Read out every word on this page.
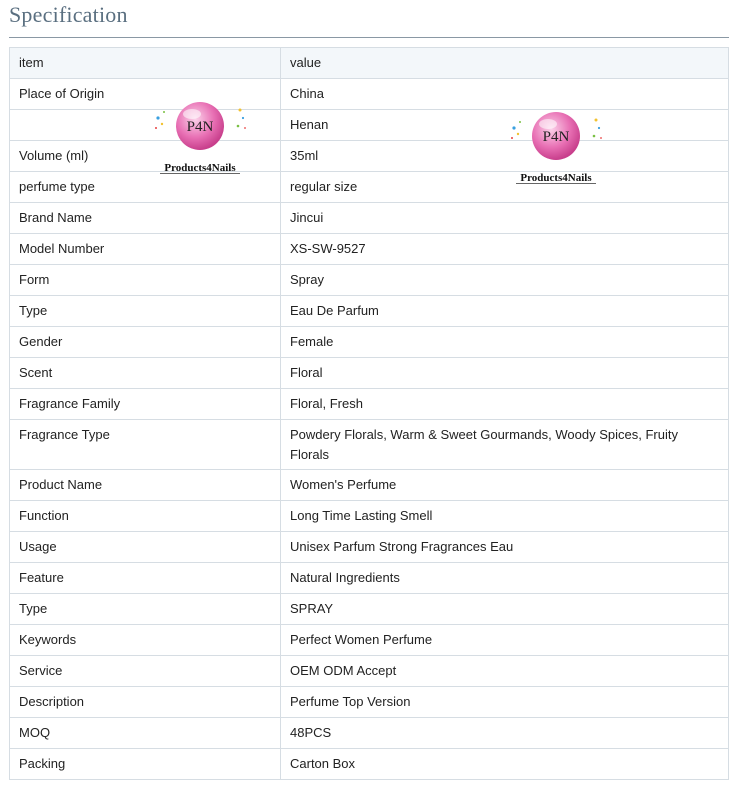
Specification
item	value
Place of Origin	China
	Henan
Volume (ml)	35ml
perfume type	regular size
Brand Name	Jincui
Model Number	XS-SW-9527
Form	Spray
Type	Eau De Parfum
Gender	Female
Scent	Floral
Fragrance Family	Floral, Fresh
Fragrance Type	Powdery Florals, Warm & Sweet Gourmands, Woody Spices, Fruity Florals
Product Name	Women's Perfume
Function	Long Time Lasting Smell
Usage	Unisex Parfum Strong Fragrances Eau
Feature	Natural Ingredients
Type	SPRAY
Keywords	Perfect Women Perfume
Service	OEM ODM Accept
Description	Perfume Top Version
MOQ	48PCS
Packing	Carton Box
P4N
Products4Nails
P4N
Products4Nails
